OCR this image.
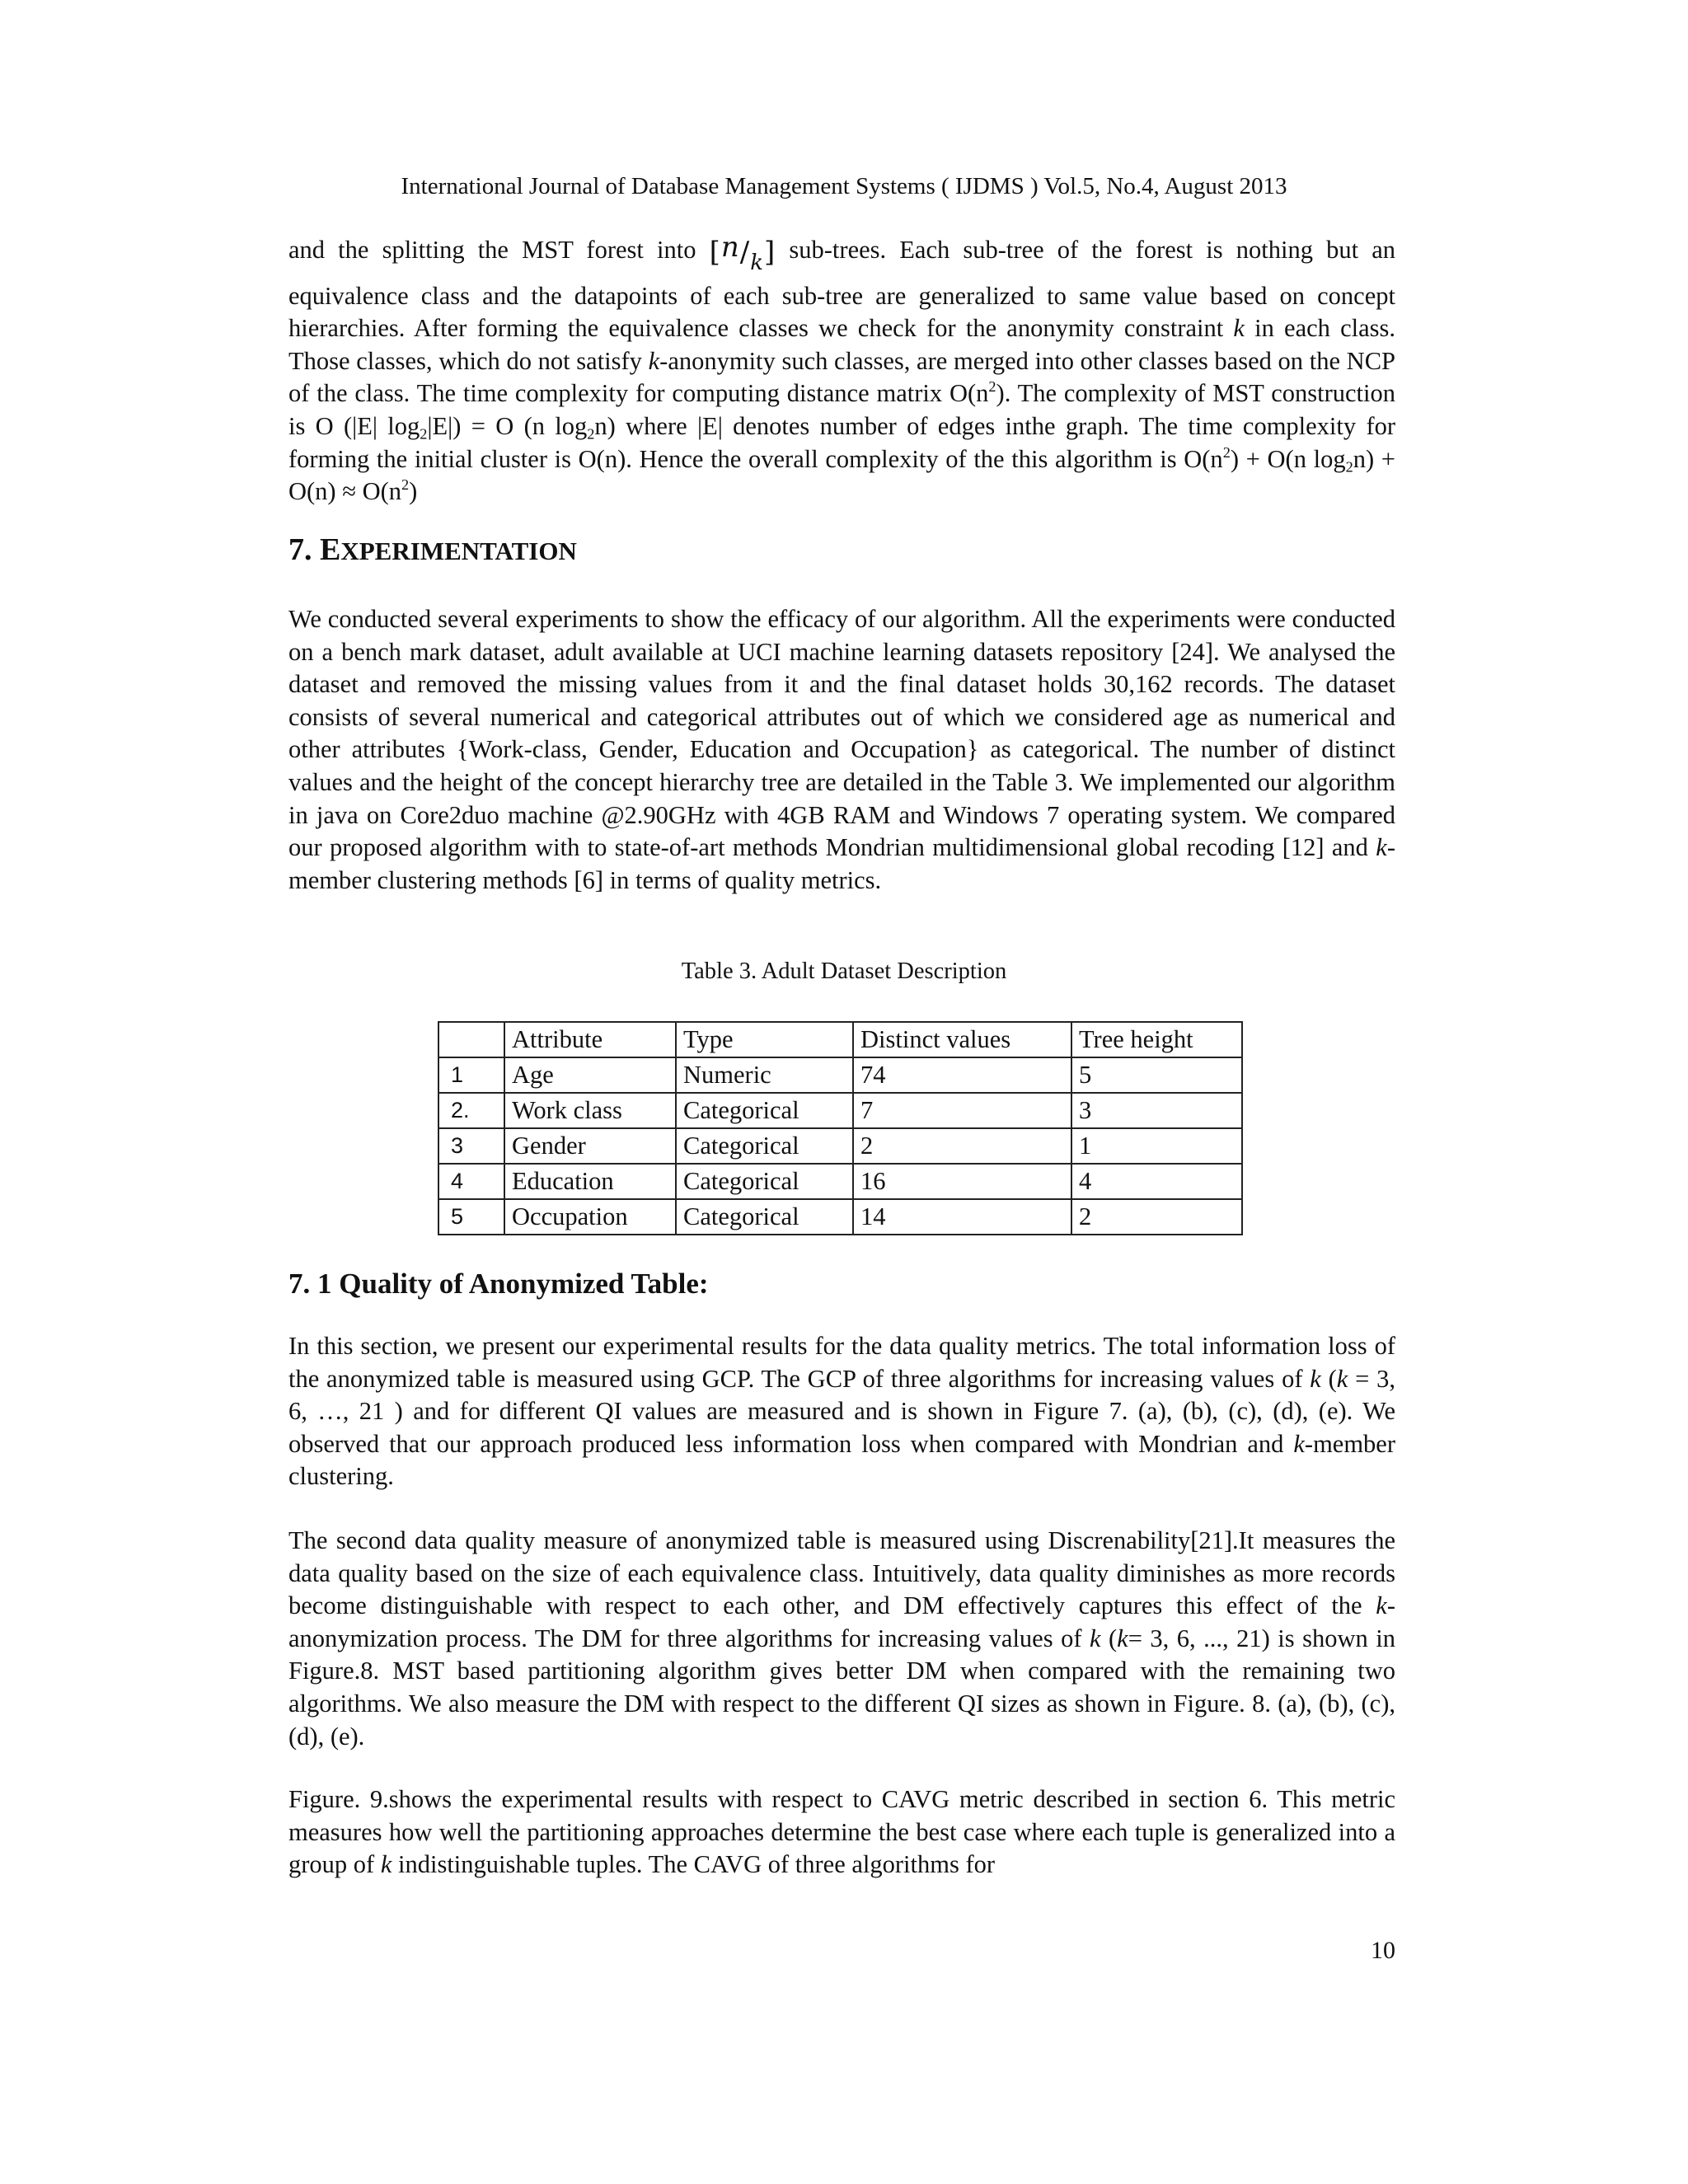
International Journal of Database Management Systems ( IJDMS ) Vol.5, No.4, August 2013

and the splitting the MST forest into $[n/_k]$ sub-trees. Each sub-tree of the forest is nothing but an equivalence class and the datapoints of each sub-tree are generalized to same value based on concept hierarchies. After forming the equivalence classes we check for the anonymity constraint k in each class. Those classes, which do not satisfy k-anonymity such classes, are merged into other classes based on the NCP of the class. The time complexity for computing distance matrix $O(n^2)$. The complexity of MST construction is O (|E| $\log_2|E|) = O$ (n $\log_2n$) where |E| denotes number of edges inthe graph. The time complexity for forming the initial cluster is O(n). Hence the overall complexity of the this algorithm is $O(n^2) + O(n$ $\log_2n) + O(n) \approx O(n^2)$

7. EXPERIMENTATION

We conducted several experiments to show the efficacy of our algorithm. All the experiments were conducted on a bench mark dataset, adult available at UCI machine learning datasets repository [24]. We analysed the dataset and removed the missing values from it and the final dataset holds 30,162 records. The dataset consists of several numerical and categorical attributes out of which we considered age as numerical and other attributes {Work-class, Gender, Education and Occupation} as categorical. The number of distinct values and the height of the concept hierarchy tree are detailed in the Table 3. We implemented our algorithm in java on Core2duo machine @2.90GHz with 4GB RAM and Windows 7 operating system. We compared our proposed algorithm with to state-of-art methods Mondrian multidimensional global recoding [12] and k-member clustering methods [6] in terms of quality metrics.

Table 3. Adult Dataset Description
	Attribute	Type	Distinct values	Tree height
1	Age	Numeric	74	5
2.	Work class	Categorical	7	3
3	Gender	Categorical	2	1
4	Education	Categorical	16	4
5	Occupation	Categorical	14	2
7. 1 Quality of Anonymized Table:

In this section, we present our experimental results for the data quality metrics. The total information loss of the anonymized table is measured using GCP. The GCP of three algorithms for increasing values of k (k = 3, 6, …, 21 ) and for different QI values are measured and is shown in Figure 7. (a), (b), (c), (d), (e). We observed that our approach produced less information loss when compared with Mondrian and k-member clustering.

The second data quality measure of anonymized table is measured using Discrenability[21].It measures the data quality based on the size of each equivalence class. Intuitively, data quality diminishes as more records become distinguishable with respect to each other, and DM effectively captures this effect of the k-anonymization process. The DM for three algorithms for increasing values of k (k= 3, 6, ..., 21) is shown in Figure.8. MST based partitioning algorithm gives better DM when compared with the remaining two algorithms. We also measure the DM with respect to the different QI sizes as shown in Figure. 8. (a), (b), (c), (d), (e).

Figure. 9.shows the experimental results with respect to CAVG metric described in section 6. This metric measures how well the partitioning approaches determine the best case where each tuple is generalized into a group of k indistinguishable tuples. The CAVG of three algorithms for

10
